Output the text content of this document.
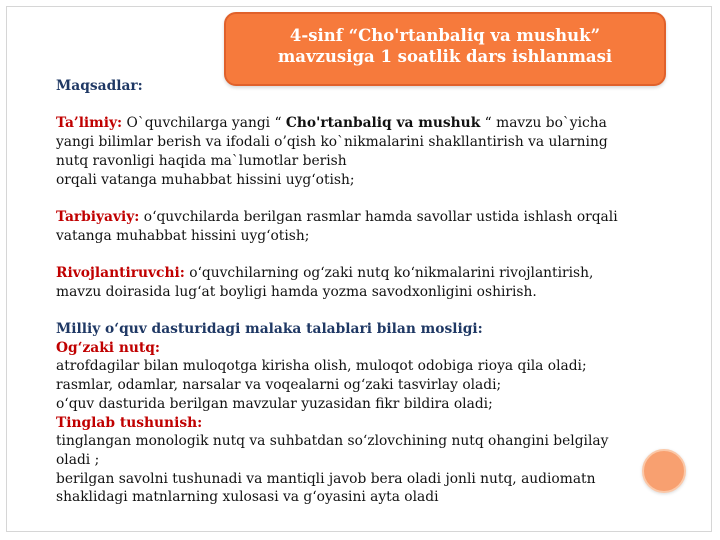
4-sinf “Cho'rtanbaliq va mushuk”
mavzusiga 1 soatlik dars ishlanmasi

Maqsadlar:

Ta’limiy: O`quvchilarga yangi “ Cho'rtanbaliq va mushuk “ mavzu bo`yicha

yangi bilimlar berish va ifodali o’qish ko`nikmalarini shakllantirish va ularning

nutq ravonligi haqida ma`lumotlar berish

orqali vatanga muhabbat hissini uygʻotish;

Tarbiyaviy: oʻquvchilarda berilgan rasmlar hamda savollar ustida ishlash orqali

vatanga muhabbat hissini uygʻotish;

Rivojlantiruvchi: oʻquvchilarning ogʻzaki nutq koʻnikmalarini rivojlantirish,

mavzu doirasida lugʻat boyligi hamda yozma savodxonligini oshirish.

Milliy oʻquv dasturidagi malaka talablari bilan mosligi:

Ogʻzaki nutq:

atrofdagilar bilan muloqotga kirisha olish, muloqot odobiga rioya qila oladi;

rasmlar, odamlar, narsalar va voqealarni ogʻzaki tasvirlay oladi;

oʻquv dasturida berilgan mavzular yuzasidan fikr bildira oladi;

Tinglab tushunish:

tinglangan monologik nutq va suhbatdan soʻzlovchining nutq ohangini belgilay

oladi ;

berilgan savolni tushunadi va mantiqli javob bera oladi jonli nutq, audiomatn

shaklidagi matnlarning xulosasi va gʻoyasini ayta oladi
